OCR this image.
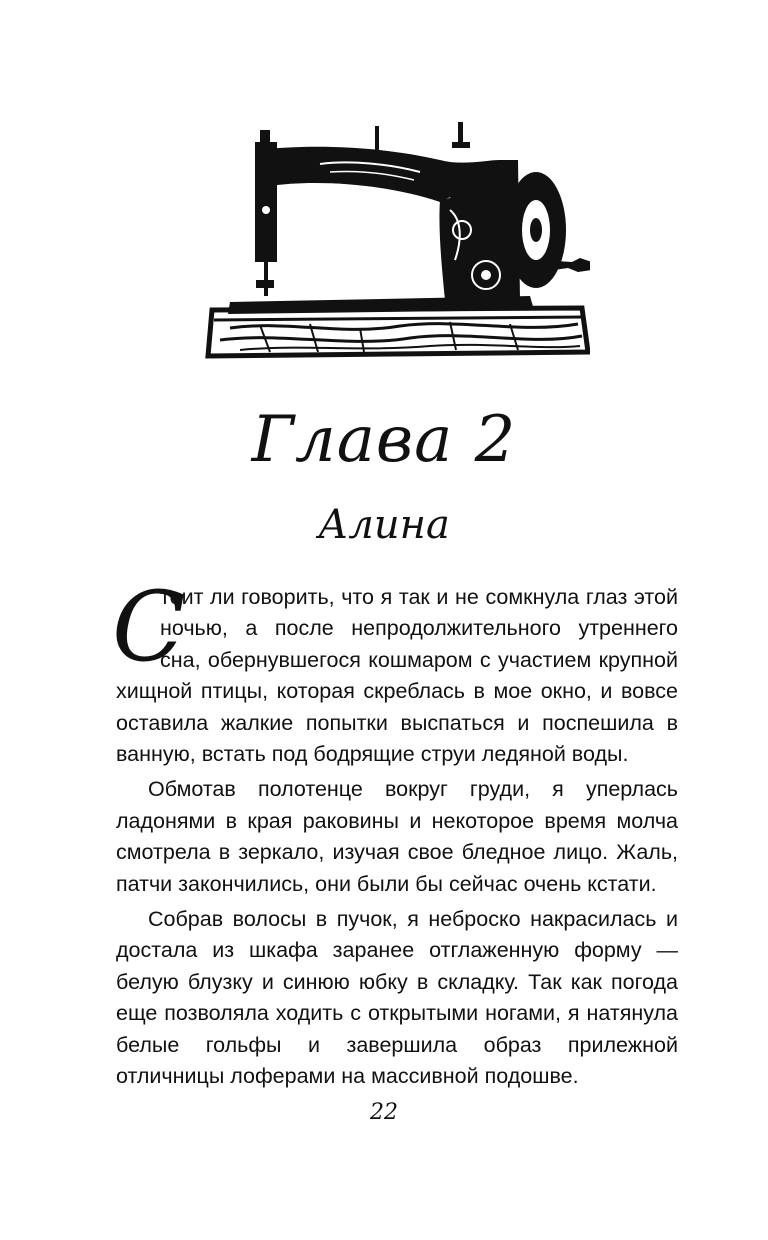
Глава 2
Алина

С
тоит ли говорить, что я так и не сомкнула глаз этой ночью, а после непродолжительного утреннего сна, обернувшегося кошмаром с участием крупной хищной птицы, которая скреблась в мое окно, и вовсе оставила жалкие попытки выспаться и поспешила в ванную, встать под бодрящие струи ледяной воды.

Обмотав полотенце вокруг груди, я уперлась ладонями в края раковины и некоторое время молча смотрела в зеркало, изучая свое бледное лицо. Жаль, патчи закончились, они были бы сейчас очень кстати.

Собрав волосы в пучок, я неброско накрасилась и достала из шкафа заранее отглаженную форму — белую блузку и синюю юбку в складку. Так как погода еще позволяла ходить с открытыми ногами, я натянула белые гольфы и завершила образ прилежной отличницы лоферами на массивной подошве.

22
